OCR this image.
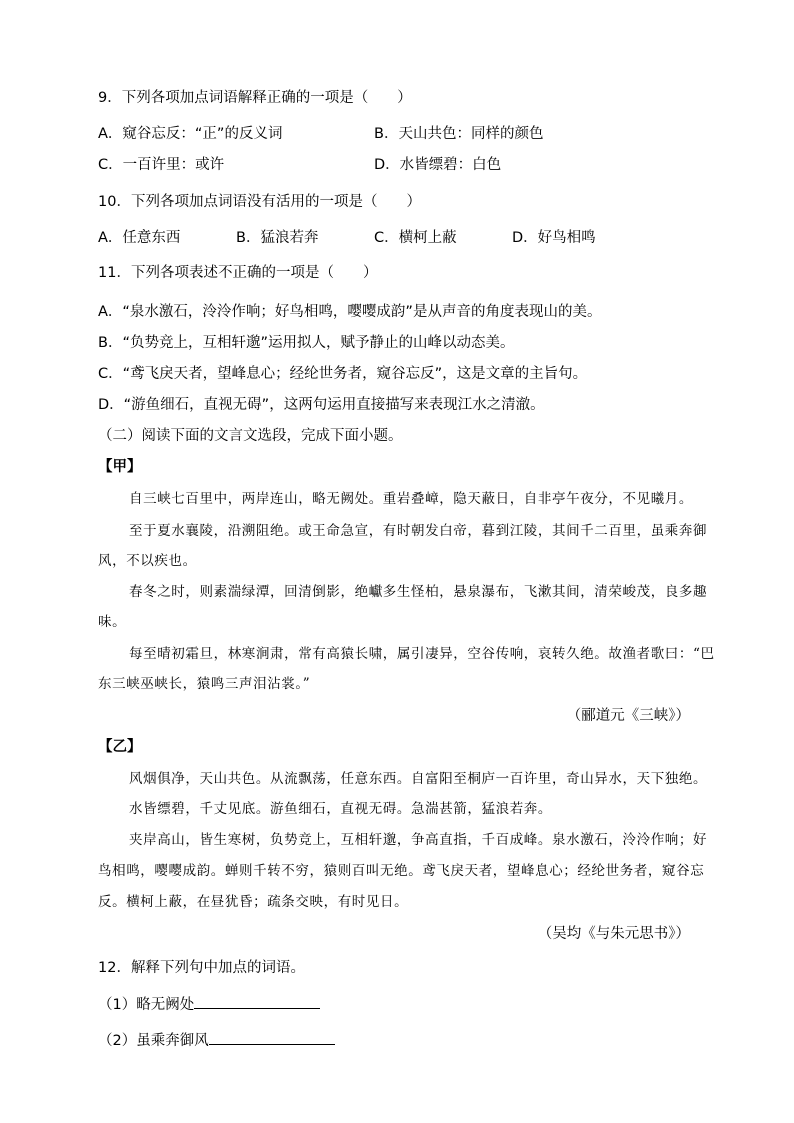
9．下列各项加点词语解释正确的一项是（　　）
A．窥谷忘反：“正”的反义词	B．天山共色：同样的颜色
C．一百许里：或许	D．水皆缥碧：白色
10．下列各项加点词语没有活用的一项是（　　）
A．任意东西	B．猛浪若奔	C．横柯上蔽	D．好鸟相鸣
11．下列各项表述不正确的一项是（　　）
A．“泉水激石，泠泠作响；好鸟相鸣，嘤嘤成韵”是从声音的角度表现山的美。
B．“负势竞上，互相轩邈”运用拟人，赋予静止的山峰以动态美。
C．“鸢飞戾天者，望峰息心；经纶世务者，窥谷忘反”，这是文章的主旨句。
D．“游鱼细石，直视无碍”，这两句运用直接描写来表现江水之清澈。
（二）阅读下面的文言文选段，完成下面小题。
【甲】
自三峡七百里中，两岸连山，略无阙处。重岩叠嶂，隐天蔽日，自非亭午夜分，不见曦月。
至于夏水襄陵，沿溯阻绝。或王命急宣，有时朝发白帝，暮到江陵，其间千二百里，虽乘奔御
风，不以疾也。
春冬之时，则素湍绿潭，回清倒影，绝巘多生怪柏，悬泉瀑布，飞漱其间，清荣峻茂，良多趣
味。
每至晴初霜旦，林寒涧肃，常有高猿长啸，属引凄异，空谷传响，哀转久绝。故渔者歌曰：“巴
东三峡巫峡长，猿鸣三声泪沾裳。”
（郦道元《三峡》）
【乙】
风烟俱净，天山共色。从流飘荡，任意东西。自富阳至桐庐一百许里，奇山异水，天下独绝。
水皆缥碧，千丈见底。游鱼细石，直视无碍。急湍甚箭，猛浪若奔。
夹岸高山，皆生寒树，负势竞上，互相轩邈，争高直指，千百成峰。泉水激石，泠泠作响；好
鸟相鸣，嘤嘤成韵。蝉则千转不穷，猿则百叫无绝。鸢飞戾天者，望峰息心；经纶世务者，窥谷忘
反。横柯上蔽，在昼犹昏；疏条交映，有时见日。
（吴均《与朱元思书》）
12．解释下列句中加点的词语。
（1）略无阙处
（2）虽乘奔御风
